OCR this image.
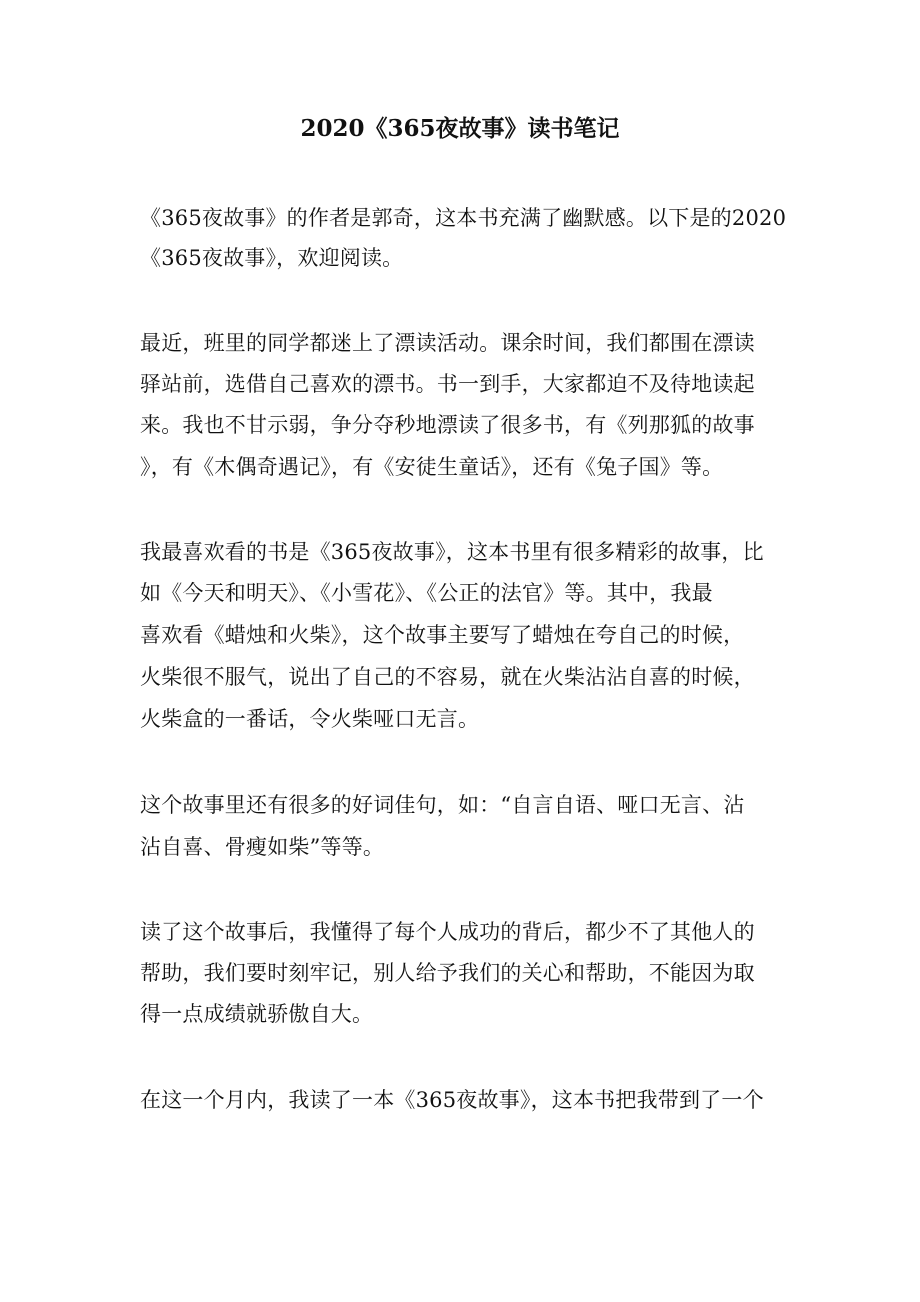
2020《365夜故事》读书笔记
《365夜故事》的作者是郭奇，这本书充满了幽默感。以下是的2020
《365夜故事》，欢迎阅读。
最近，班里的同学都迷上了漂读活动。课余时间，我们都围在漂读
驿站前，选借自己喜欢的漂书。书一到手，大家都迫不及待地读起
来。我也不甘示弱，争分夺秒地漂读了很多书，有《列那狐的故事
》，有《木偶奇遇记》，有《安徒生童话》，还有《兔子国》等。
我最喜欢看的书是《365夜故事》，这本书里有很多精彩的故事，比
如《今天和明天》、《小雪花》、《公正的法官》等。其中，我最
喜欢看《蜡烛和火柴》，这个故事主要写了蜡烛在夸自己的时候，
火柴很不服气，说出了自己的不容易，就在火柴沾沾自喜的时候，
火柴盒的一番话，令火柴哑口无言。
这个故事里还有很多的好词佳句，如：“自言自语、哑口无言、沾
沾自喜、骨瘦如柴”等等。
读了这个故事后，我懂得了每个人成功的背后，都少不了其他人的
帮助，我们要时刻牢记，别人给予我们的关心和帮助，不能因为取
得一点成绩就骄傲自大。
在这一个月内，我读了一本《365夜故事》，这本书把我带到了一个
